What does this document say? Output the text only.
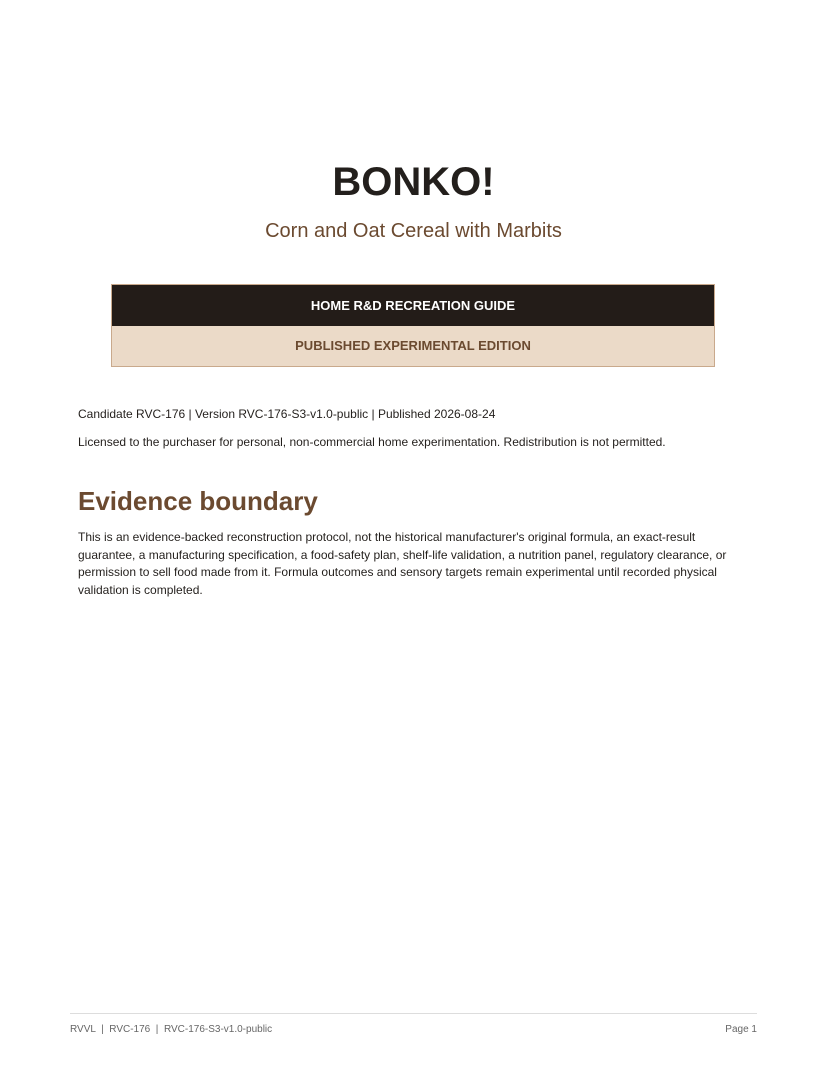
BONKO!
Corn and Oat Cereal with Marbits
HOME R&D RECREATION GUIDE
PUBLISHED EXPERIMENTAL EDITION
Candidate RVC-176 | Version RVC-176-S3-v1.0-public | Published 2026-08-24
Licensed to the purchaser for personal, non-commercial home experimentation. Redistribution is not permitted.
Evidence boundary

This is an evidence-backed reconstruction protocol, not the historical manufacturer's original formula, an exact-result guarantee, a manufacturing specification, a food-safety plan, shelf-life validation, a nutrition panel, regulatory clearance, or permission to sell food made from it. Formula outcomes and sensory targets remain experimental until recorded physical validation is completed.

RVVL  |  RVC-176  |  RVC-176-S3-v1.0-public	Page 1
